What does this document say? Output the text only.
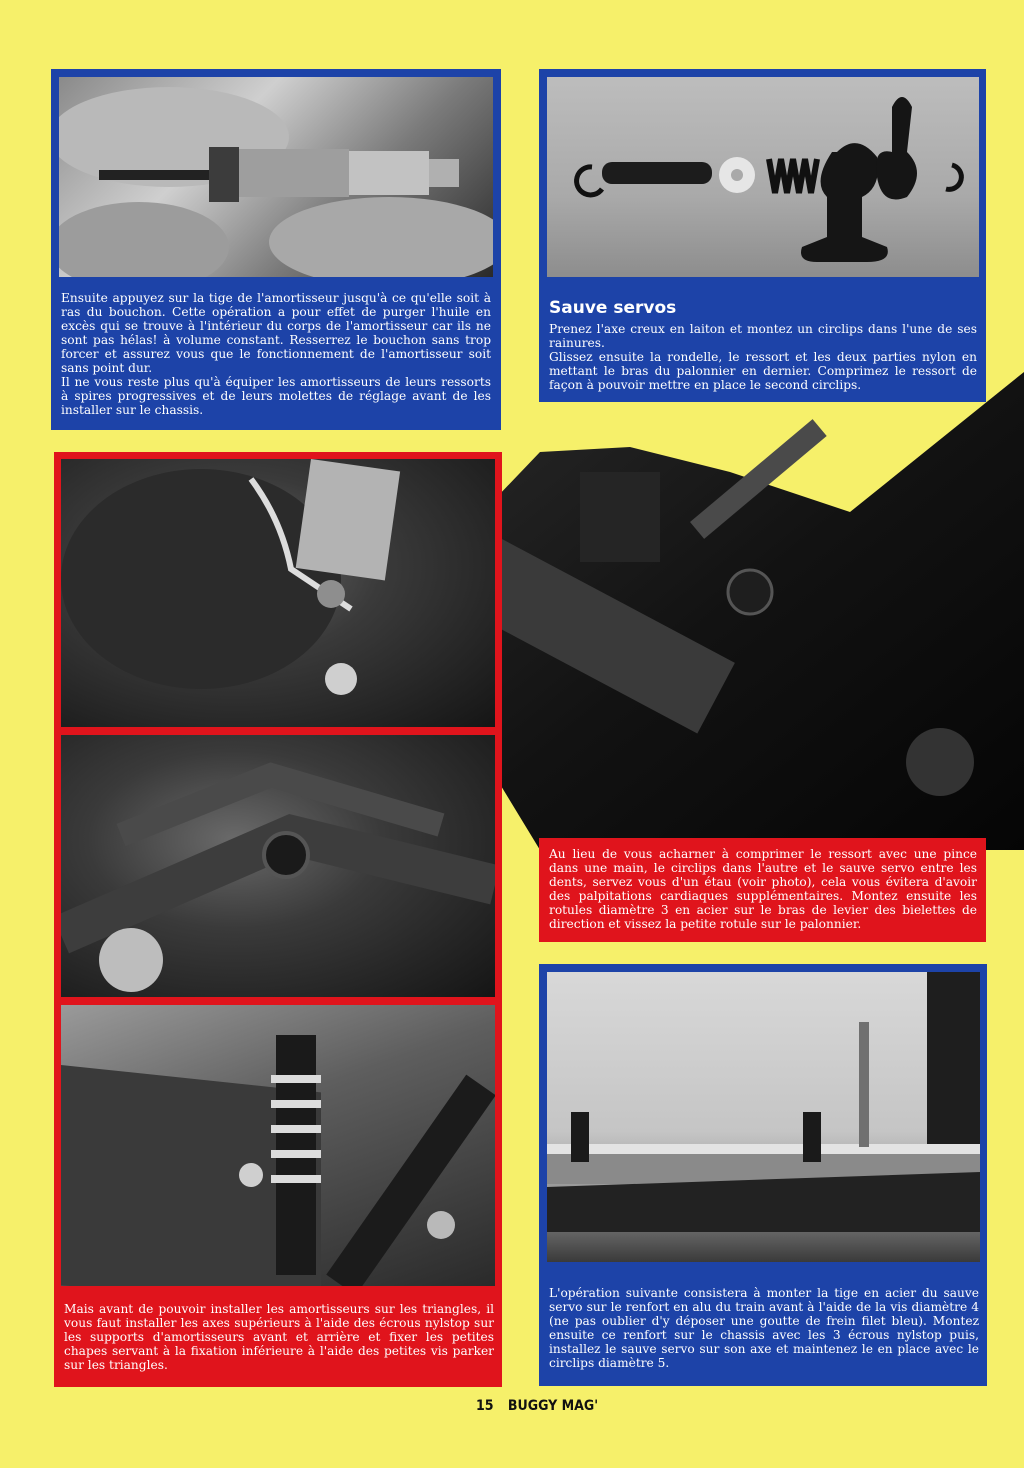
Ensuite appuyez sur la tige de l'amortisseur jusqu'à ce qu'elle soit à ras du bouchon. Cette opération a pour effet de purger l'huile en excès qui se trouve à l'intérieur du corps de l'amortisseur car ils ne sont pas hélas! à volume constant. Resserrez le bouchon sans trop forcer et assurez vous que le fonctionnement de l'amortisseur soit sans point dur.

Il ne vous reste plus qu'à équiper les amortisseurs de leurs ressorts à spires progressives et de leurs molettes de réglage avant de les installer sur le chassis.

Sauve servos

Prenez l'axe creux en laiton et montez un circlips dans l'une de ses rainures.

Glissez ensuite la rondelle, le ressort et les deux parties nylon en mettant le bras du palonnier en dernier. Comprimez le ressort de façon à pouvoir mettre en place le second circlips.

Au lieu de vous acharner à comprimer le ressort avec une pince dans une main, le circlips dans l'autre et le sauve servo entre les dents, servez vous d'un étau (voir photo), cela vous évitera d'avoir des palpitations cardiaques supplémentaires. Montez ensuite les rotules diamètre 3 en acier sur le bras de levier des bielettes de direction et vissez la petite rotule sur le palonnier.

Mais avant de pouvoir installer les amortisseurs sur les triangles, il vous faut installer les axes supérieurs à l'aide des écrous nylstop sur les supports d'amortisseurs avant et arrière et fixer les petites chapes servant à la fixation inférieure à l'aide des petites vis parker sur les triangles.

L'opération suivante consistera à monter la tige en acier du sauve servo sur le renfort en alu du train avant à l'aide de la vis diamètre 4 (ne pas oublier d'y déposer une goutte de frein filet bleu). Montez ensuite ce renfort sur le chassis avec les 3 écrous nylstop puis, installez le sauve servo sur son axe et maintenez le en place avec le circlips diamètre 5.

15 BUGGY MAG'
